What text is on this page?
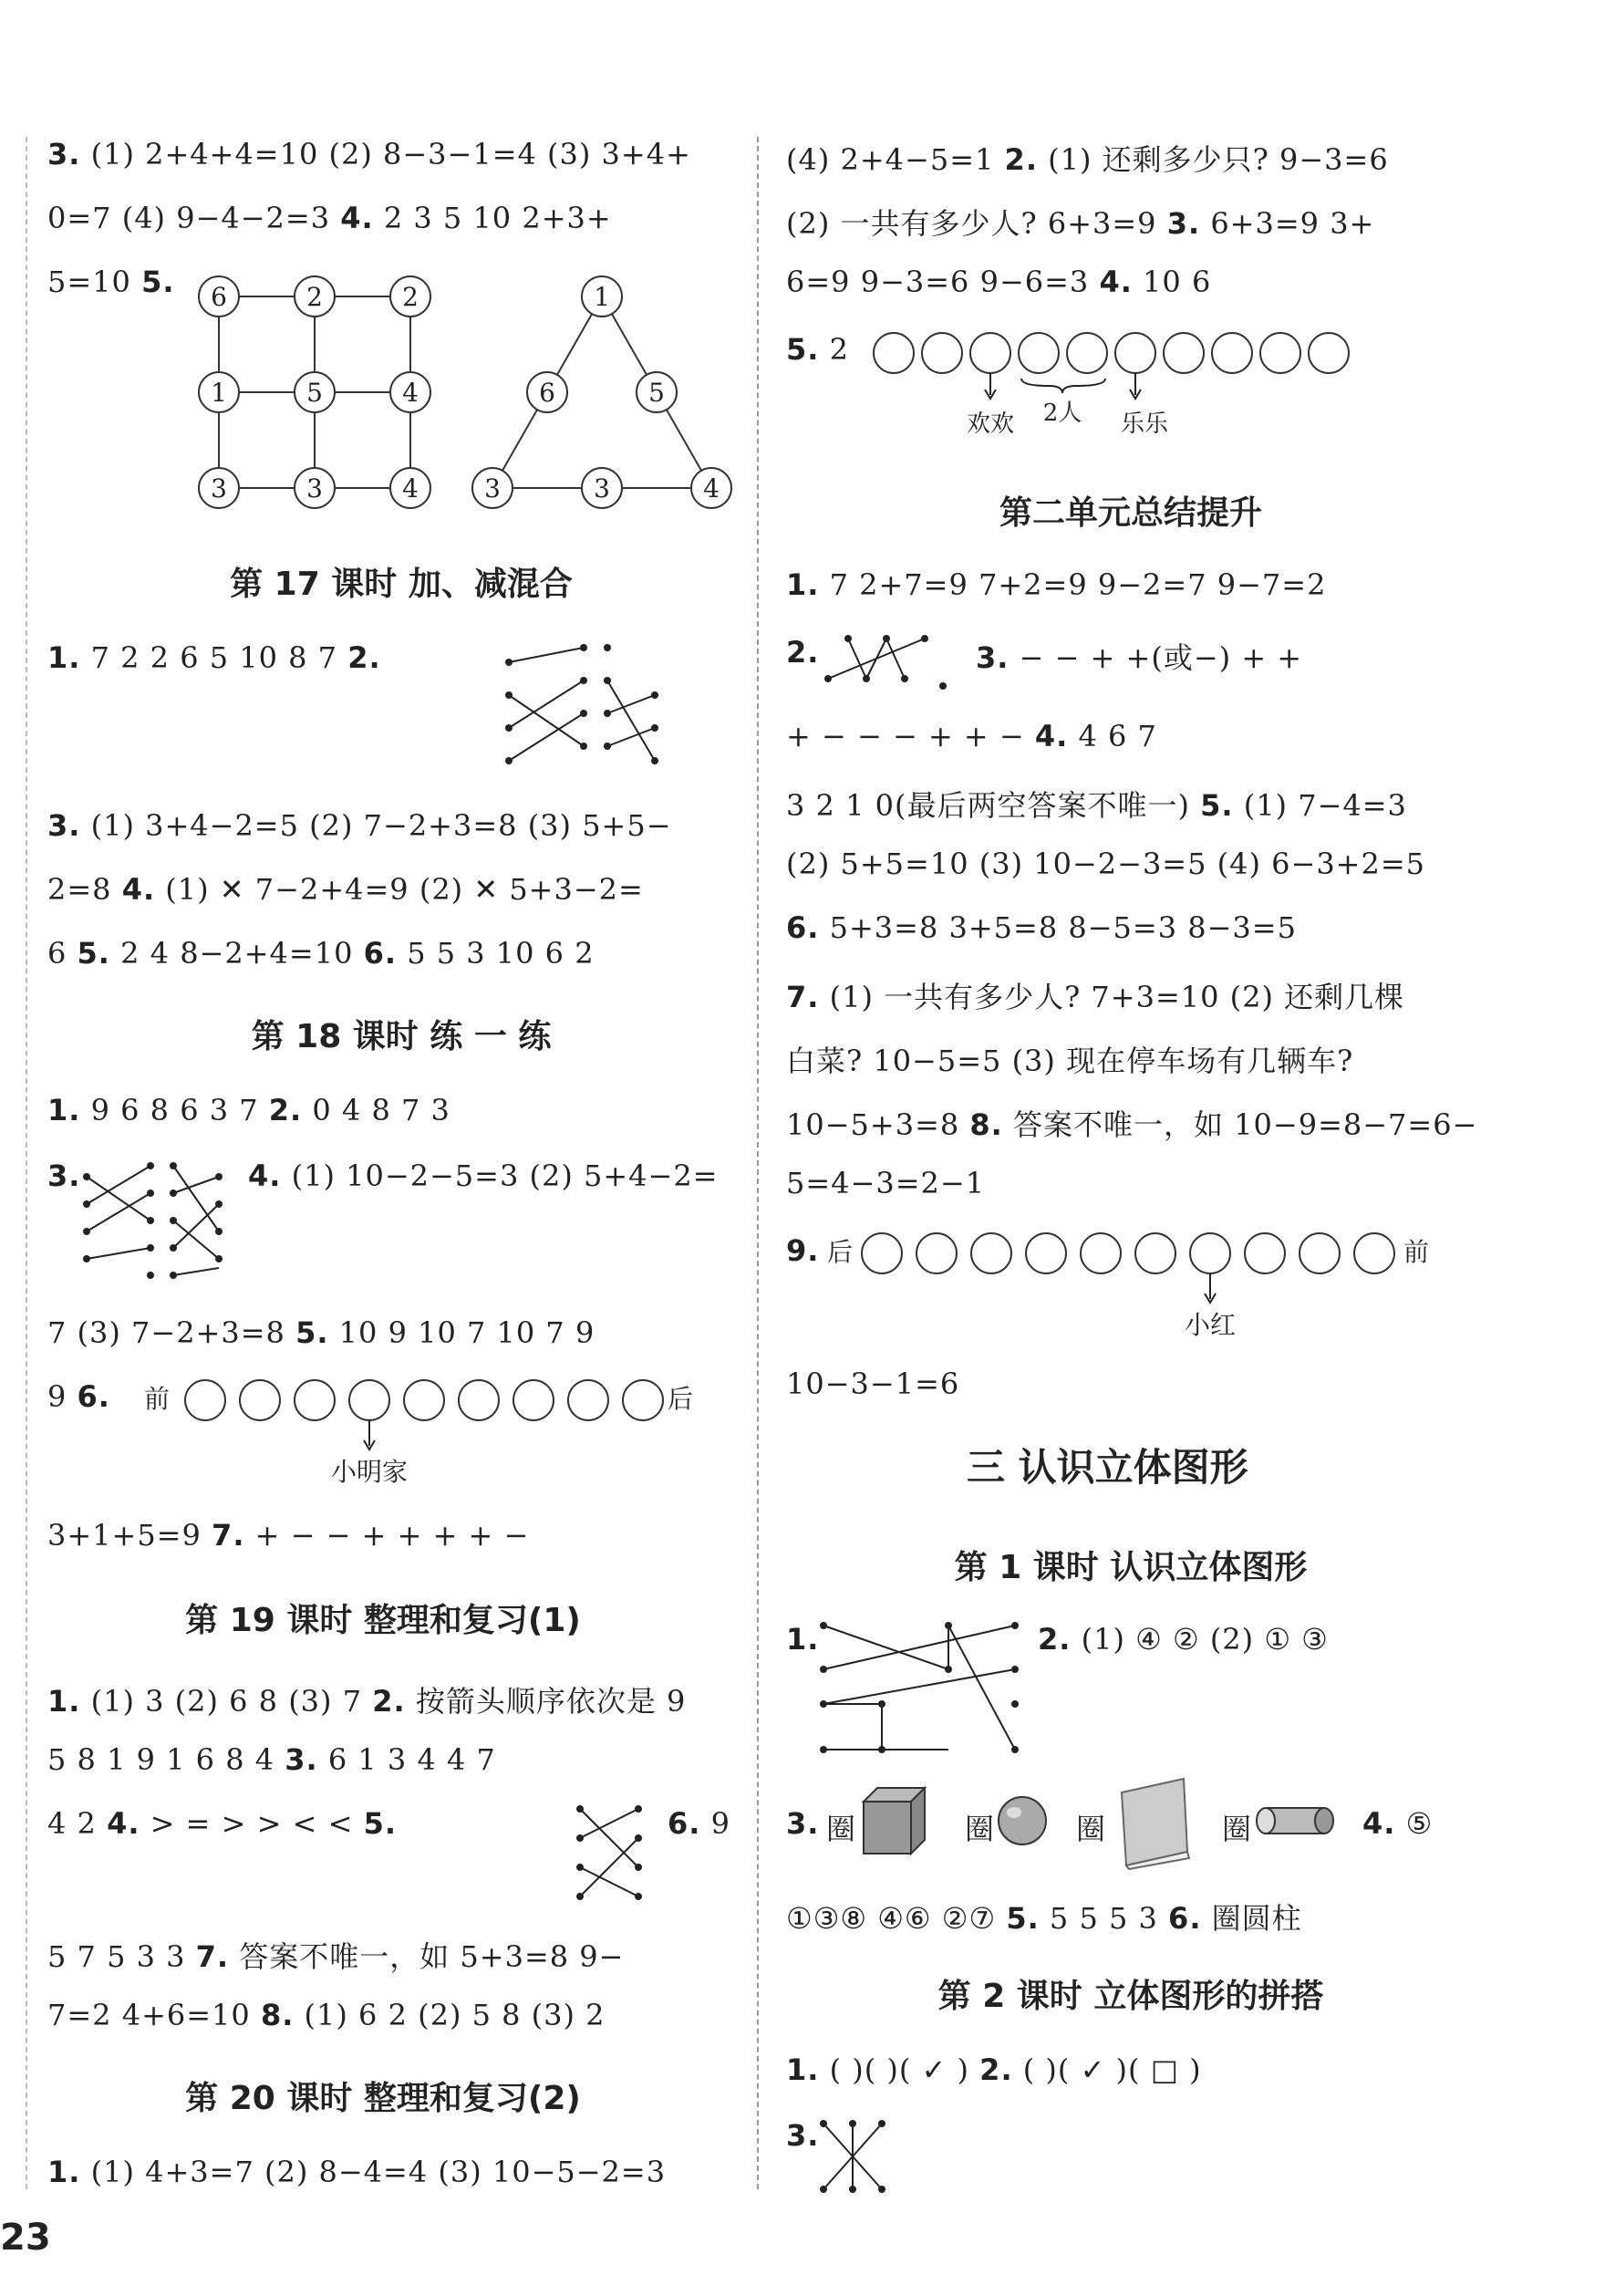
3. (1) 2+4+4=10 (2) 8−3−1=4 (3) 3+4+
0=7 (4) 9−4−2=3 4. 2 3 5 10 2+3+
5=10 5. 6	2	2
1	5	4
3	3	4
1
6	5
3	3	4
第 17 课时 加、减混合
1. 7 2 2 6 5 10 8 7 2.
3. (1) 3+4−2=5 (2) 7−2+3=8 (3) 5+5−
2=8 4. (1) ✕ 7−2+4=9 (2) ✕ 5+3−2=
6 5. 2 4 8−2+4=10 6. 5 5 3 10 6 2
第 18 课时 练 一 练
1. 9 6 8 6 3 7 2. 0 4 8 7 3
3.	4. (1) 10−2−5=3 (2) 5+4−2=
7 (3) 7−2+3=8 5. 10 9 10 7 10 7 9
9 6. 前	后
小明家
3+1+5=9 7. + − − + + + + −
第 19 课时 整理和复习(1)
1. (1) 3 (2) 6 8 (3) 7 2. 按箭头顺序依次是 9
5 8 1 9 1 6 8 4 3. 6 1 3 4 4 7
4 2 4. > = > > < < 5.	6. 9
5 7 5 3 3 7. 答案不唯一，如 5+3=8 9−
7=2 4+6=10 8. (1) 6 2 (2) 5 8 (3) 2
第 20 课时 整理和复习(2)
1. (1) 4+3=7 (2) 8−4=4 (3) 10−5−2=3
23
(4) 2+4−5=1 2. (1) 还剩多少只? 9−3=6
(2) 一共有多少人? 6+3=9 3. 6+3=9 3+
6=9 9−3=6 9−6=3 4. 10 6
5. 2
2人
欢欢	乐乐
第二单元总结提升
1. 7 2+7=9 7+2=9 9−2=7 9−7=2
2.	3. − − + +(或−) + +
+ − − − + + − 4. 4 6 7
3 2 1 0(最后两空答案不唯一) 5. (1) 7−4=3
(2) 5+5=10 (3) 10−2−3=5 (4) 6−3+2=5
6. 5+3=8 3+5=8 8−5=3 8−3=5
7. (1) 一共有多少人? 7+3=10 (2) 还剩几棵
白菜? 10−5=5 (3) 现在停车场有几辆车?
10−5+3=8 8. 答案不唯一，如 10−9=8−7=6−
5=4−3=2−1
9. 后	前
小红
10−3−1=6
三 认识立体图形
第 1 课时 认识立体图形
1.	2. (1) ④ ② (2) ① ③
3. 圈	圈	圈	圈	4. ⑤
①③⑧ ④⑥ ②⑦ 5. 5 5 5 3 6. 圈圆柱
第 2 课时 立体图形的拼搭
1. ( )( )( ✓ ) 2. ( )( ✓ )( □ )
3.
